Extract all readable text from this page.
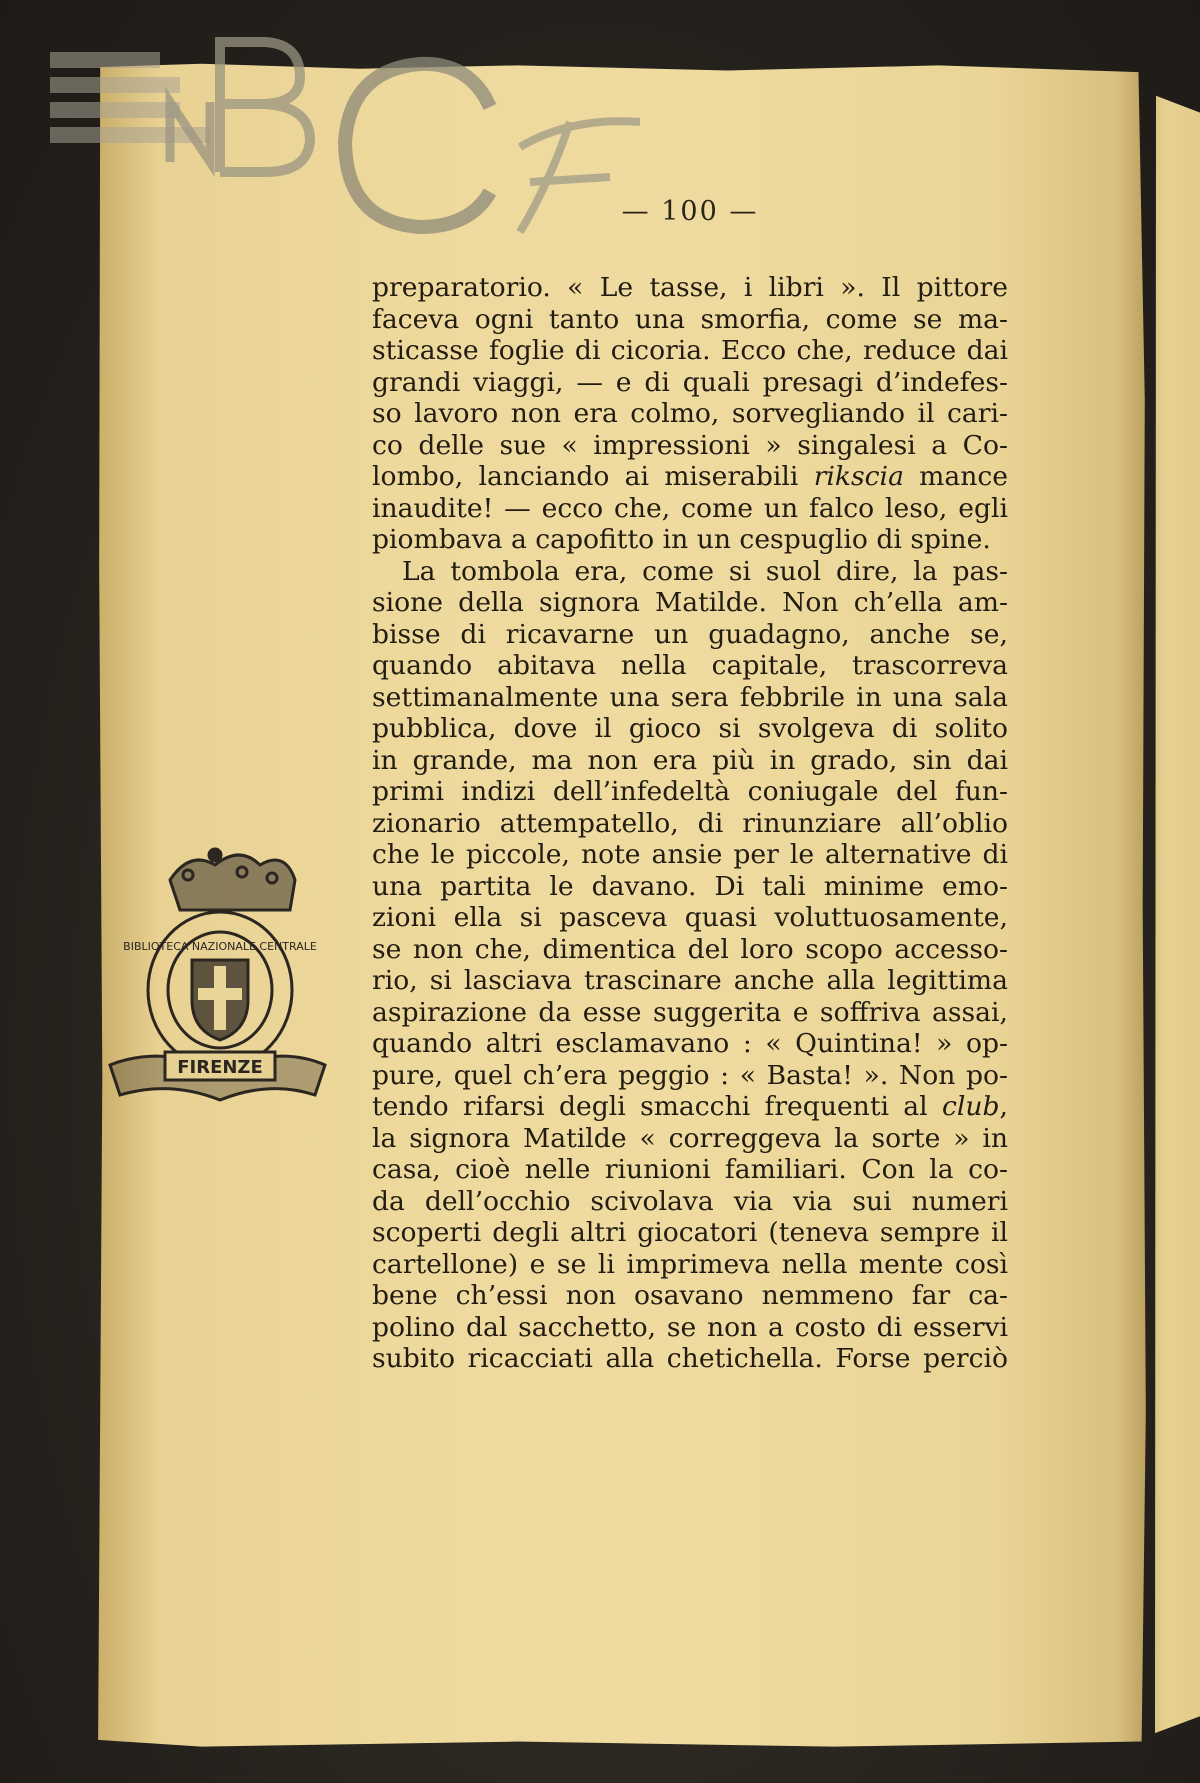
BNCF
— 100 —
BIBLIOTECA NAZIONALE CENTRALE
FIRENZE
preparatorio. « Le tasse, i libri ». Il pittore
faceva ogni tanto una smorfia, come se ma-
sticasse foglie di cicoria. Ecco che, reduce dai
grandi viaggi, — e di quali presagi d’indefes-
so lavoro non era colmo, sorvegliando il cari-
co delle sue « impressioni » singalesi a Co-
lombo, lanciando ai miserabili rikscia mance
inaudite! — ecco che, come un falco leso, egli
piombava a capofitto in un cespuglio di spine.
La tombola era, come si suol dire, la pas-
sione della signora Matilde. Non ch’ella am-
bisse di ricavarne un guadagno, anche se,
quando abitava nella capitale, trascorreva
settimanalmente una sera febbrile in una sala
pubblica, dove il gioco si svolgeva di solito
in grande, ma non era più in grado, sin dai
primi indizi dell’infedeltà coniugale del fun-
zionario attempatello, di rinunziare all’oblio
che le piccole, note ansie per le alternative di
una partita le davano. Di tali minime emo-
zioni ella si pasceva quasi voluttuosamente,
se non che, dimentica del loro scopo accesso-
rio, si lasciava trascinare anche alla legittima
aspirazione da esse suggerita e soffriva assai,
quando altri esclamavano : « Quintina! » op-
pure, quel ch’era peggio : « Basta! ». Non po-
tendo rifarsi degli smacchi frequenti al club,
la signora Matilde « correggeva la sorte » in
casa, cioè nelle riunioni familiari. Con la co-
da dell’occhio scivolava via via sui numeri
scoperti degli altri giocatori (teneva sempre il
cartellone) e se li imprimeva nella mente così
bene ch’essi non osavano nemmeno far ca-
polino dal sacchetto, se non a costo di esservi
subito ricacciati alla chetichella. Forse perciò
